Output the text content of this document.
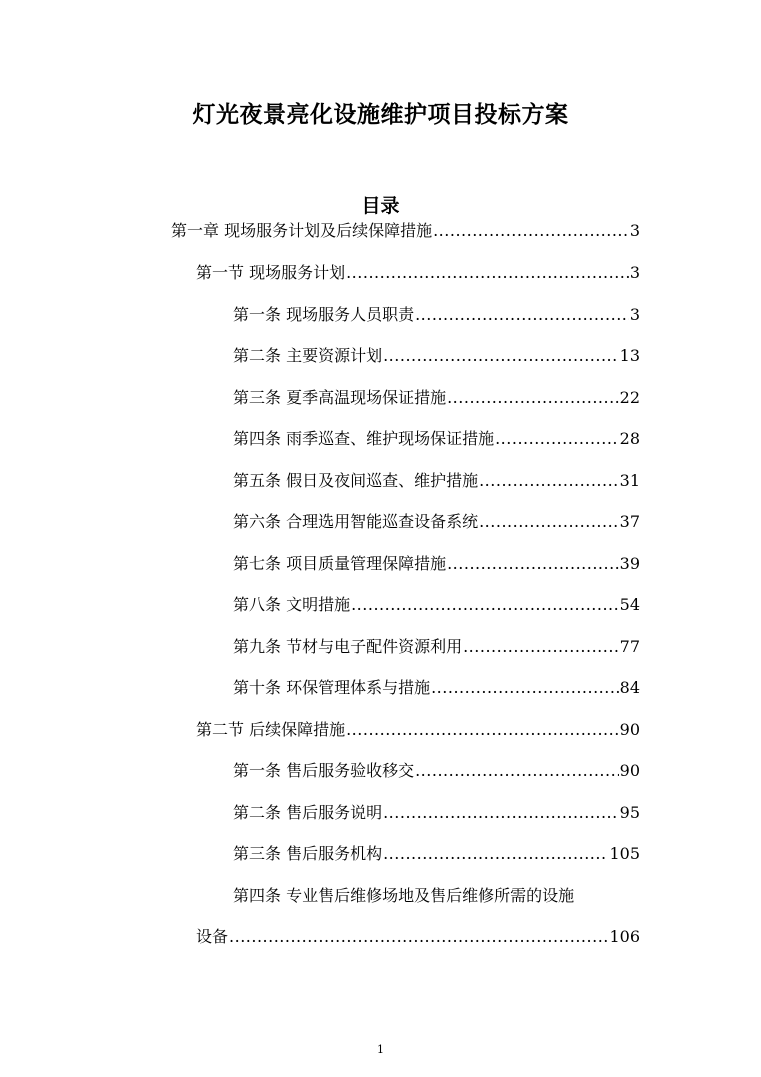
灯光夜景亮化设施维护项目投标方案
目录
第一章 现场服务计划及后续保障措施 .....	3
第一节 现场服务计划 .....	3
第一条 现场服务人员职责 .....	3
第二条 主要资源计划 .....	13
第三条 夏季高温现场保证措施 .....	22
第四条 雨季巡查、维护现场保证措施 .....	28
第五条 假日及夜间巡查、维护措施 .....	31
第六条 合理选用智能巡查设备系统 .....	37
第七条 项目质量管理保障措施 .....	39
第八条 文明措施 .....	54
第九条 节材与电子配件资源利用 .....	77
第十条 环保管理体系与措施 .....	84
第二节 后续保障措施 .....	90
第一条 售后服务验收移交 .....	90
第二条 售后服务说明 .....	95
第三条 售后服务机构 .....	105
第四条 专业售后维修场地及售后维修所需的设施
设备 .....	106
1
